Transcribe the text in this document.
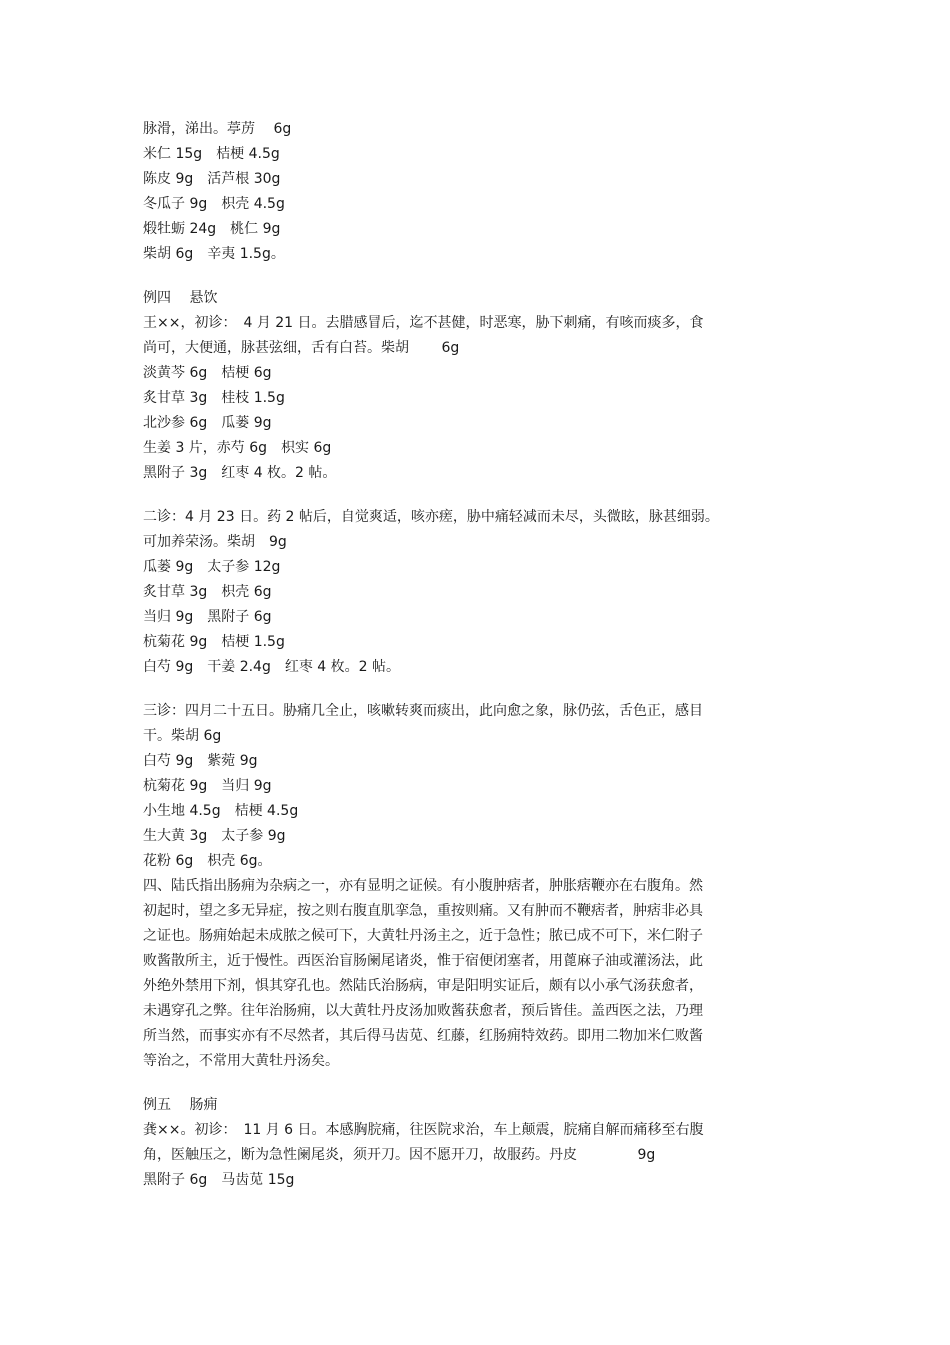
脉滑，涕出。葶苈　 6g
米仁 15g　桔梗 4.5g
陈皮 9g　活芦根 30g
冬瓜子 9g　枳壳 4.5g
煅牡蛎 24g　桃仁 9g
柴胡 6g　辛夷 1.5g。
例四　 悬饮
王××，初诊：　4 月 21 日。去腊感冒后，迄不甚健，时恶寒，胁下刺痛，有咳而痰多，食
尚可，大便通，脉甚弦细，舌有白苔。柴胡　　 6g
淡黄芩 6g　桔梗 6g
炙甘草 3g　桂枝 1.5g
北沙参 6g　瓜蒌 9g
生姜 3 片，赤芍 6g　枳实 6g
黑附子 3g　红枣 4 枚。2 帖。
二诊：4 月 23 日。药 2 帖后，自觉爽适，咳亦瘥，胁中痛轻减而未尽，头微眩，脉甚细弱。
可加养荣汤。柴胡　9g
瓜蒌 9g　太子参 12g
炙甘草 3g　枳壳 6g
当归 9g　黑附子 6g
杭菊花 9g　桔梗 1.5g
白芍 9g　干姜 2.4g　红枣 4 枚。2 帖。
三诊：四月二十五日。胁痛几全止，咳嗽转爽而痰出，此向愈之象，脉仍弦，舌色正，感目
干。柴胡 6g
白芍 9g　紫菀 9g
杭菊花 9g　当归 9g
小生地 4.5g　桔梗 4.5g
生大黄 3g　太子参 9g
花粉 6g　枳壳 6g。
四、陆氏指出肠痈为杂病之一，亦有显明之证候。有小腹肿痞者，肿胀痞鞭亦在右腹角。然
初起时，望之多无异症，按之则右腹直肌挛急，重按则痛。又有肿而不鞭痞者，肿痞非必具
之证也。肠痈始起未成脓之候可下，大黄牡丹汤主之，近于急性；脓已成不可下，米仁附子
败酱散所主，近于慢性。西医治盲肠阑尾诸炎，惟于宿便闭塞者，用蓖麻子油或灌汤法，此
外绝外禁用下剂，惧其穿孔也。然陆氏治肠病，审是阳明实证后，颇有以小承气汤获愈者，
未遇穿孔之弊。往年治肠痈，以大黄牡丹皮汤加败酱获愈者，预后皆佳。盖西医之法，乃理
所当然，而事实亦有不尽然者，其后得马齿苋、红藤，红肠痈特效药。即用二物加米仁败酱
等治之，不常用大黄牡丹汤矣。
例五　 肠痈
龚××。初诊：　11 月 6 日。本感胸脘痛，往医院求治，车上颠震，脘痛自解而痛移至右腹
角，医触压之，断为急性阑尾炎，须开刀。因不愿开刀，故服药。丹皮　　　　 9g
黑附子 6g　马齿苋 15g
